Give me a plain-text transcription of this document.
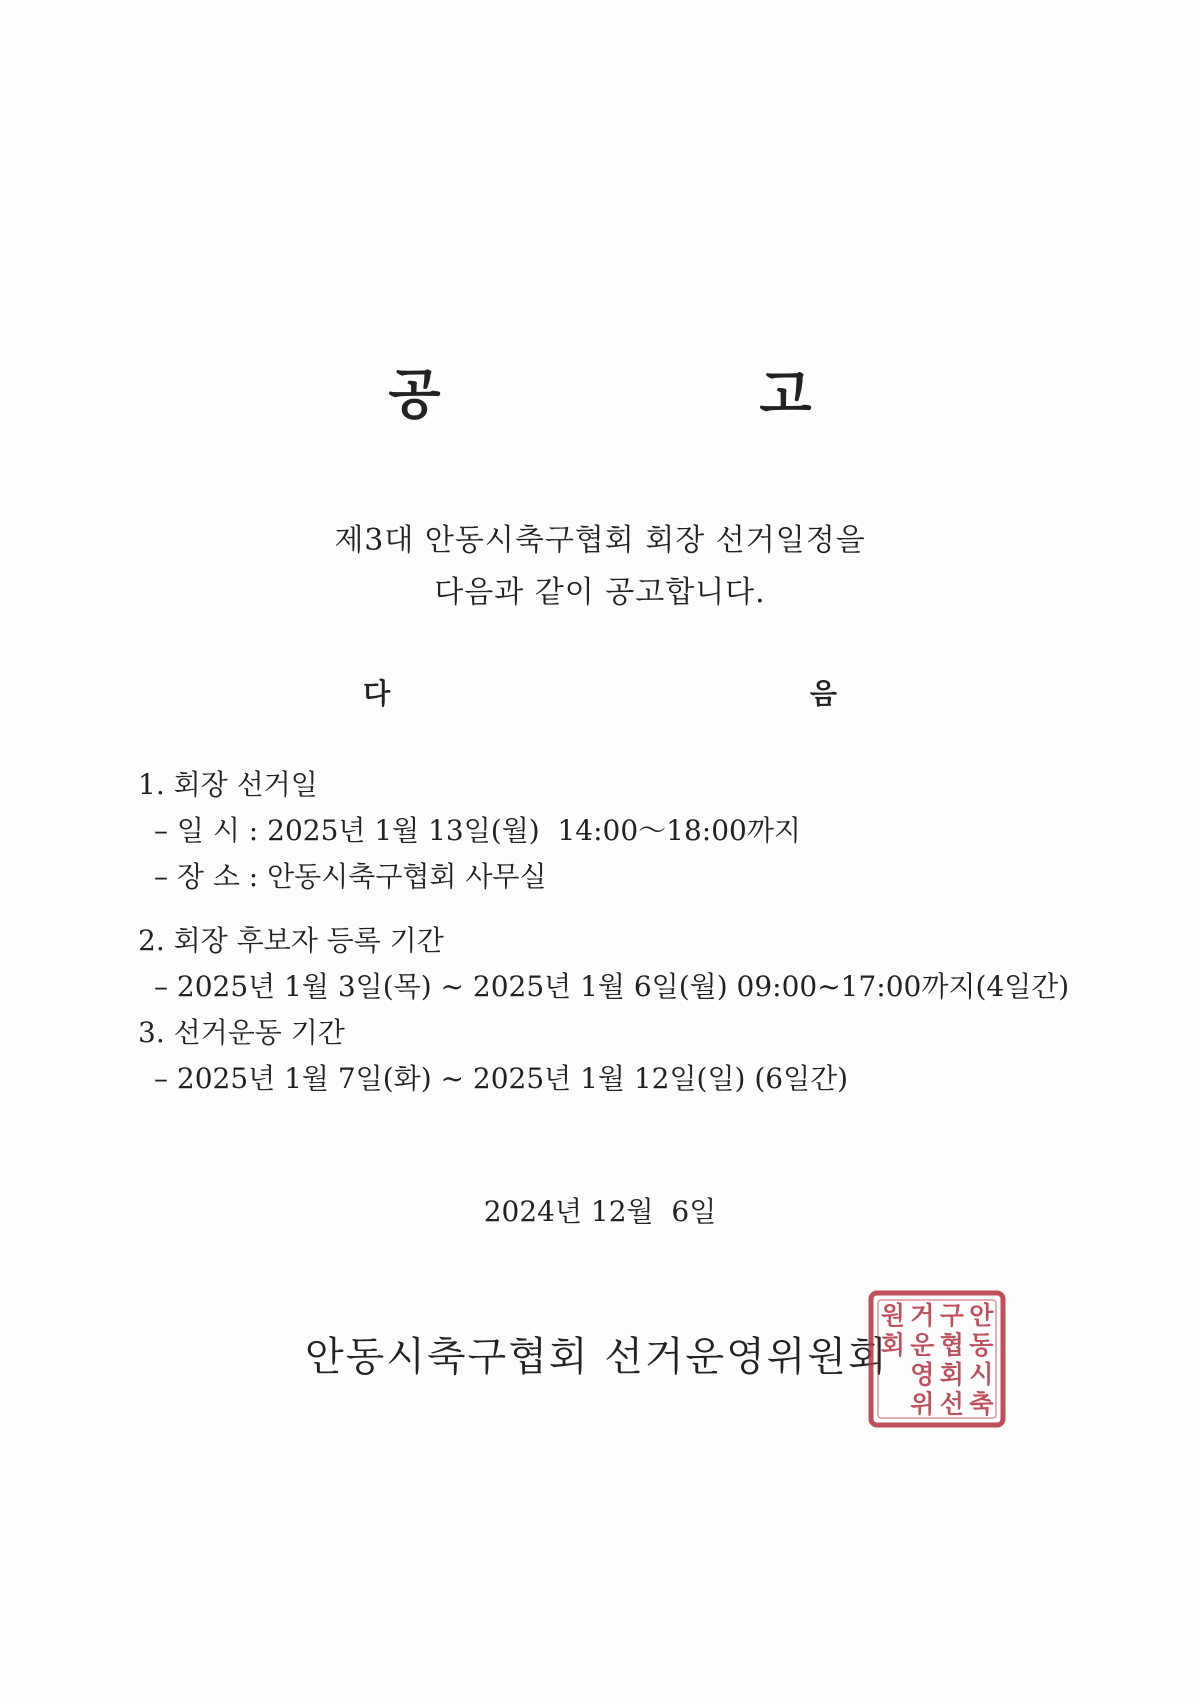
공 고
제3대 안동시축구협회 회장 선거일정을
다음과 같이 공고합니다.
다 음
1. 회장 선거일
– 일 시 : 2025년 1월 13일(월)  14:00～18:00까지
– 장 소 : 안동시축구협회 사무실
2. 회장 후보자 등록 기간
– 2025년 1월 3일(목) ~ 2025년 1월 6일(월) 09:00~17:00까지(4일간)
3. 선거운동 기간
– 2025년 1월 7일(화) ~ 2025년 1월 12일(일) (6일간)
2024년 12월  6일
안동시축구협회 선거운영위원회
안
동
시
축
구
협
회
선
거
운
영
위
원
회
